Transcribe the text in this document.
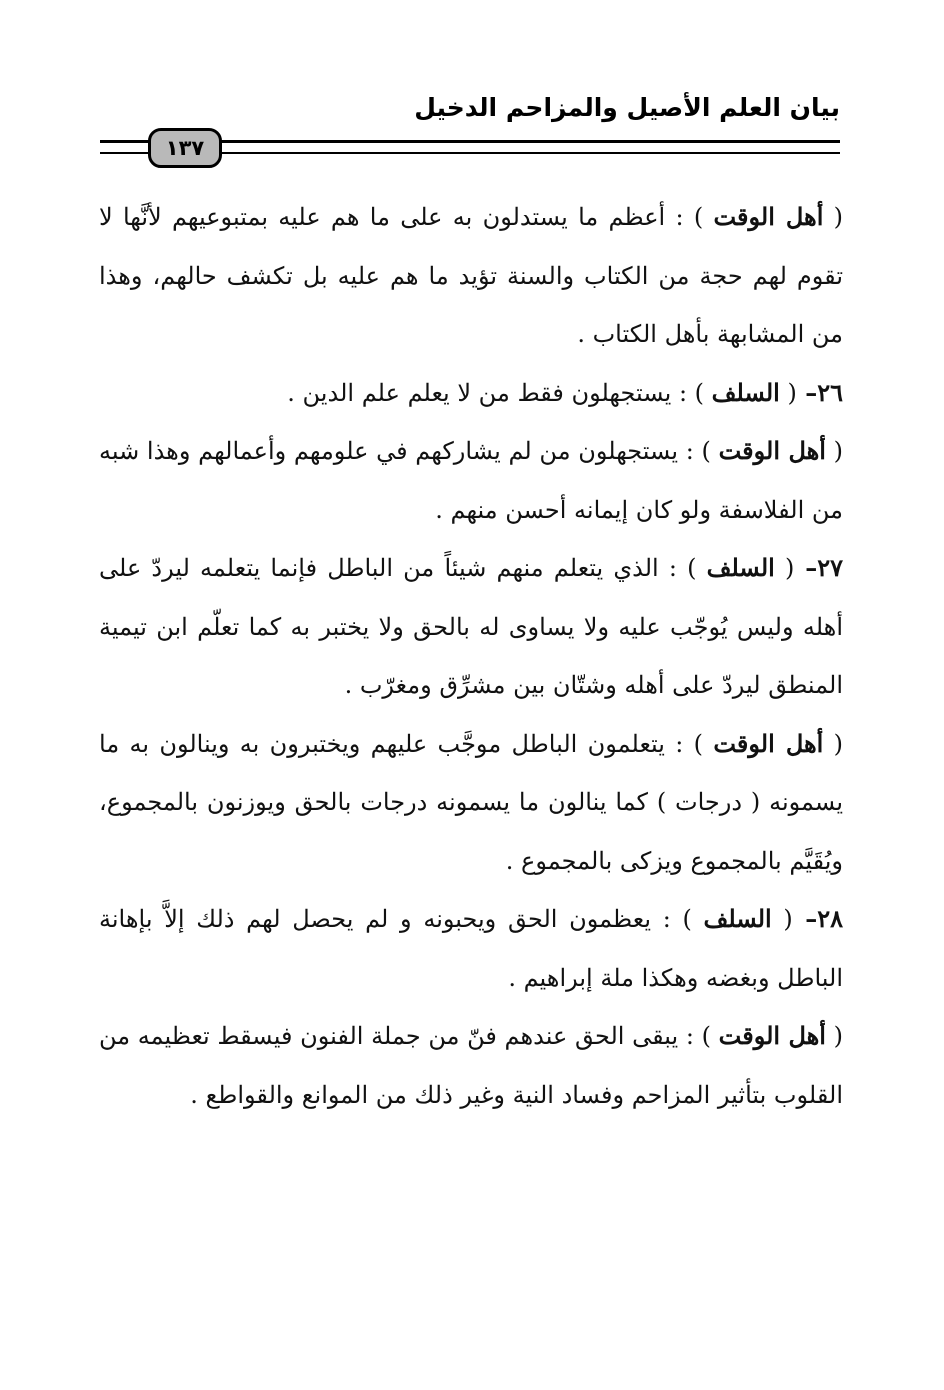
بيان العلم الأصيل والمزاحم الدخيل
١٣٧

( أهل الوقت ) : أعظم ما يستدلون به على ما هم عليه بمتبوعيهم لأنَّها لا تقوم لهم حجة من الكتاب والسنة تؤيد ما هم عليه بل تكشف حالهم، وهذا من المشابهة بأهل الكتاب .

٢٦– ( السلف ) : يستجهلون فقط من لا يعلم علم الدين .

( أهل الوقت ) : يستجهلون من لم يشاركهم في علومهم وأعمالهم وهذا شبه من الفلاسفة ولو كان إيمانه أحسن منهم .

٢٧– ( السلف ) : الذي يتعلم منهم شيئاً من الباطل فإنما يتعلمه ليردّ على أهله وليس يُوجّب عليه ولا يساوى له بالحق ولا يختبر به كما تعلّم ابن تيمية المنطق ليردّ على أهله وشتّان بين مشرِّق ومغرّب .

( أهل الوقت ) : يتعلمون الباطل موجَّب عليهم ويختبرون به وينالون به ما يسمونه ( درجات ) كما ينالون ما يسمونه درجات بالحق ويوزنون بالمجموع، ويُقَيَّم بالمجموع ويزكى بالمجموع .

٢٨– ( السلف ) : يعظمون الحق ويحبونه و لم يحصل لهم ذلك إلاَّ بإهانة الباطل وبغضه وهكذا ملة إبراهيم .

( أهل الوقت ) : يبقى الحق عندهم فنّ من جملة الفنون فيسقط تعظيمه من القلوب بتأثير المزاحم وفساد النية وغير ذلك من الموانع والقواطع .
